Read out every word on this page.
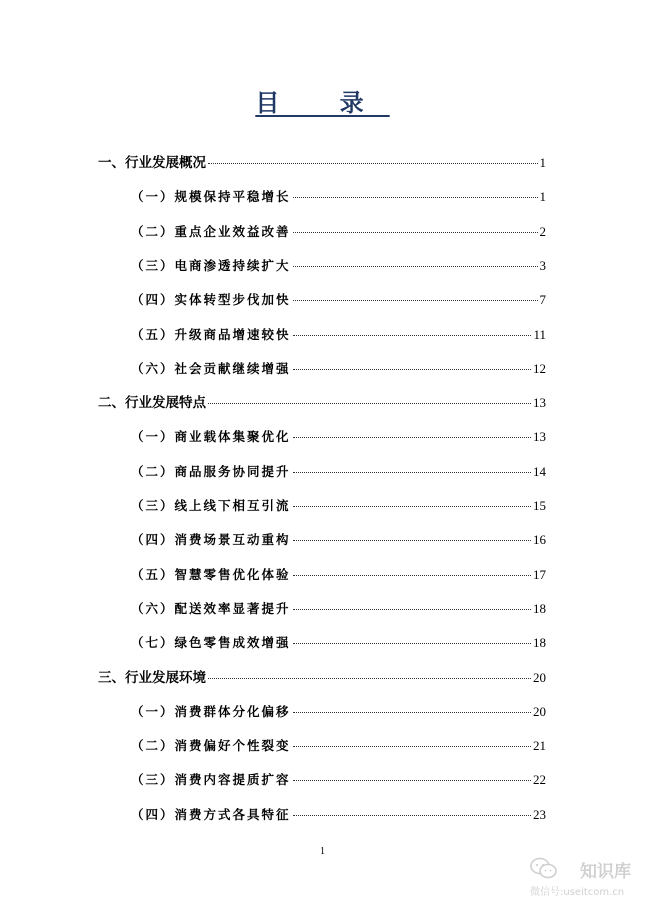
目 录
一、行业发展概况	1
（一）规模保持平稳增长	1
（二）重点企业效益改善	2
（三）电商渗透持续扩大	3
（四）实体转型步伐加快	7
（五）升级商品增速较快	11
（六）社会贡献继续增强	12
二、行业发展特点	13
（一）商业载体集聚优化	13
（二）商品服务协同提升	14
（三）线上线下相互引流	15
（四）消费场景互动重构	16
（五）智慧零售优化体验	17
（六）配送效率显著提升	18
（七）绿色零售成效增强	18
三、行业发展环境	20
（一）消费群体分化偏移	20
（二）消费偏好个性裂变	21
（三）消费内容提质扩容	22
（四）消费方式各具特征	23
1
知识库
微信号:useitcom.cn
